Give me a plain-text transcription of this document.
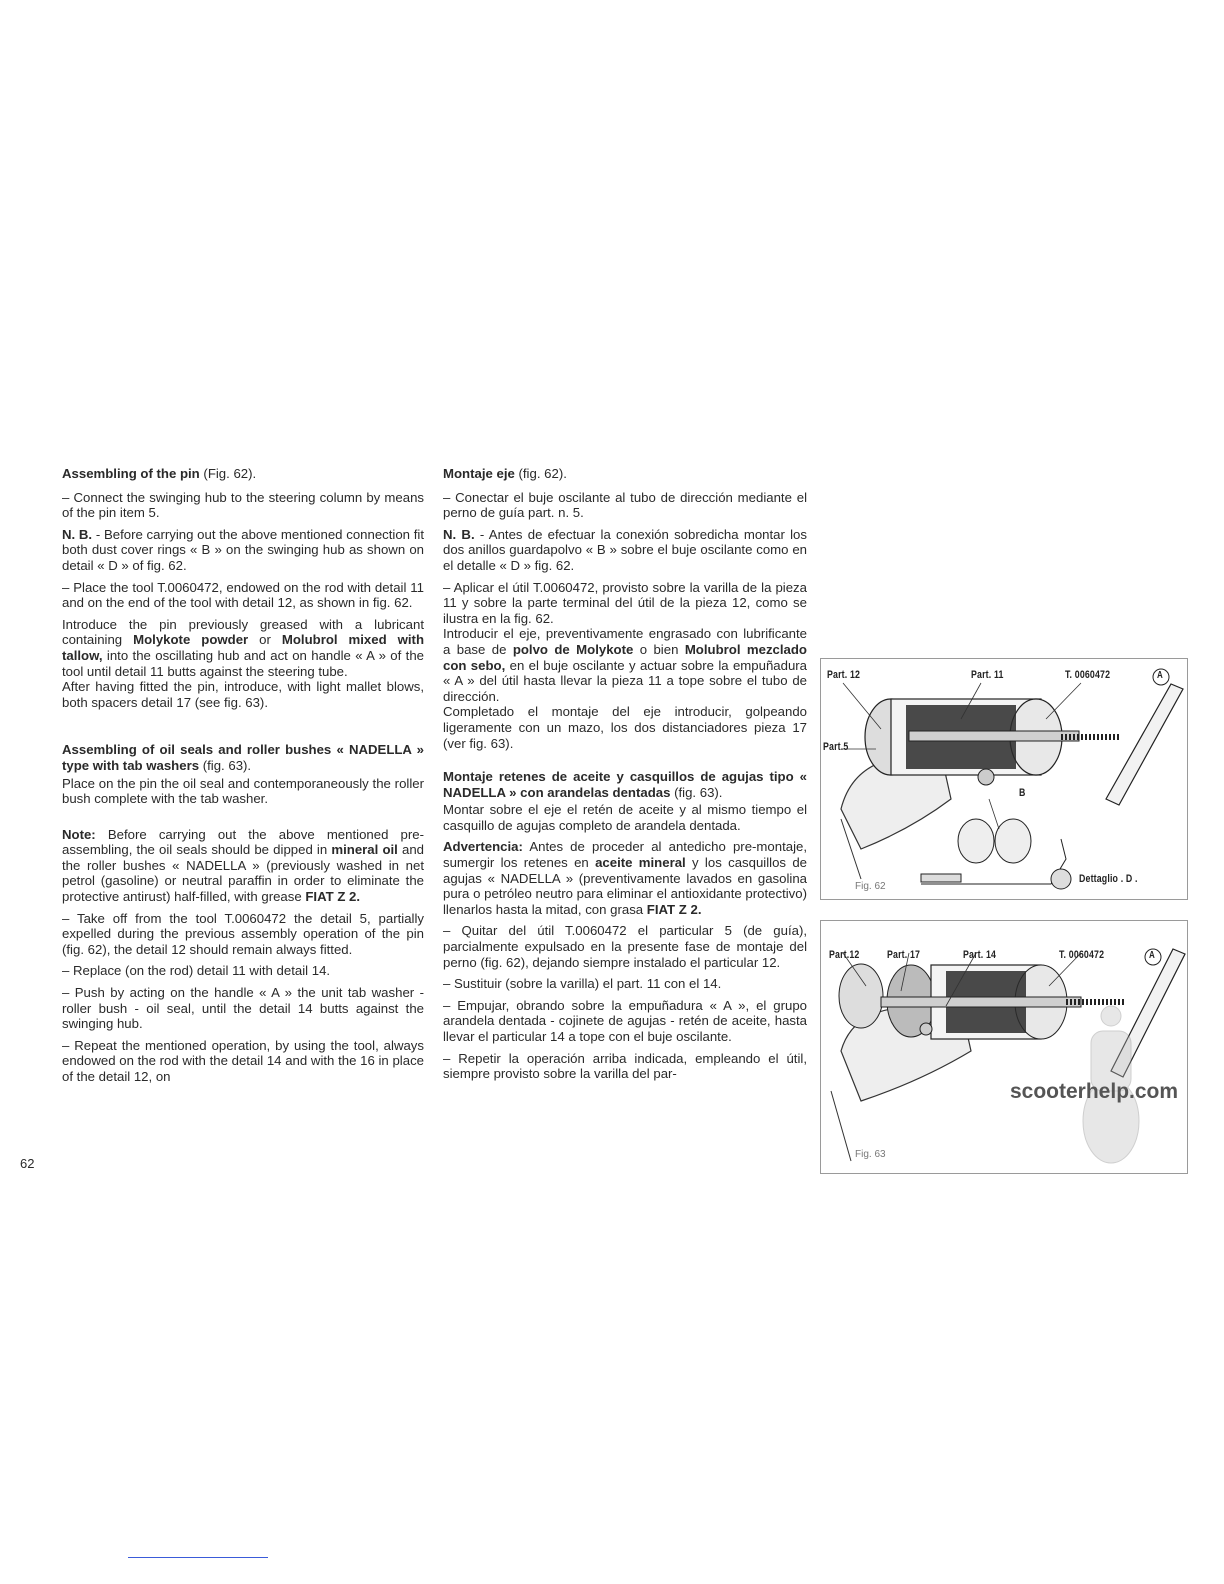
Assembling of the pin (Fig. 62).

– Connect the swinging hub to the steering column by means of the pin item 5.

N. B. - Before carrying out the above mentioned connection fit both dust cover rings « B » on the swinging hub as shown on detail « D » of fig. 62.

– Place the tool T.0060472, endowed on the rod with detail 11 and on the end of the tool with detail 12, as shown in fig. 62.

Introduce the pin previously greased with a lubricant containing Molykote powder or Molubrol mixed with tallow, into the oscillating hub and act on handle « A » of the tool until detail 11 butts against the steering tube.

After having fitted the pin, introduce, with light mallet blows, both spacers detail 17 (see fig. 63).

Assembling of oil seals and roller bushes « NADELLA » type with tab washers (fig. 63).

Place on the pin the oil seal and contemporaneously the roller bush complete with the tab washer.

Note: Before carrying out the above mentioned pre-assembling, the oil seals should be dipped in mineral oil and the roller bushes « NADELLA » (previously washed in net petrol (gasoline) or neutral paraffin in order to eliminate the protective antirust) half-filled, with grease FIAT Z 2.

– Take off from the tool T.0060472 the detail 5, partially expelled during the previous assembly operation of the pin (fig. 62), the detail 12 should remain always fitted.

– Replace (on the rod) detail 11 with detail 14.

– Push by acting on the handle « A » the unit tab washer - roller bush - oil seal, until the detail 14 butts against the swinging hub.

– Repeat the mentioned operation, by using the tool, always endowed on the rod with the detail 14 and with the 16 in place of the detail 12, on

Montaje eje (fig. 62).

– Conectar el buje oscilante al tubo de dirección mediante el perno de guía part. n. 5.

N. B. - Antes de efectuar la conexión sobredicha montar los dos anillos guardapolvo « B » sobre el buje oscilante como en el detalle « D » fig. 62.

– Aplicar el útil T.0060472, provisto sobre la varilla de la pieza 11 y sobre la parte terminal del útil de la pieza 12, como se ilustra en la fig. 62.

Introducir el eje, preventivamente engrasado con lubrificante a base de polvo de Molykote o bien Molubrol mezclado con sebo, en el buje oscilante y actuar sobre la empuñadura « A » del útil hasta llevar la pieza 11 a tope sobre el tubo de dirección.

Completado el montaje del eje introducir, golpeando ligeramente con un mazo, los dos distanciadores pieza 17 (ver fig. 63).

Montaje retenes de aceite y casquillos de agujas tipo « NADELLA » con arandelas dentadas (fig. 63).

Montar sobre el eje el retén de aceite y al mismo tiempo el casquillo de agujas completo de arandela dentada.

Advertencia: Antes de proceder al antedicho pre-montaje, sumergir los retenes en aceite mineral y los casquillos de agujas « NADELLA » (preventivamente lavados en gasolina pura o petróleo neutro para eliminar el antioxidante protectivo) llenarlos hasta la mitad, con grasa FIAT Z 2.

– Quitar del útil T.0060472 el particular 5 (de guía), parcialmente expulsado en la presente fase de montaje del perno (fig. 62), dejando siempre instalado el particular 12.

– Sustituir (sobre la varilla) el part. 11 con el 14.

– Empujar, obrando sobre la empuñadura « A », el grupo arandela dentada - cojinete de agujas - retén de aceite, hasta llevar el particular 14 a tope con el buje oscilante.

– Repetir la operación arriba indicada, empleando el útil, siempre provisto sobre la varilla del par-

62
Part. 12	Part. 11	T. 0060472	A
Part.5
B
Dettaglio . D .
Fig. 62
Part.12	Part. 17	Part. 14	T. 0060472	A
Fig. 63
scooterhelp.com
